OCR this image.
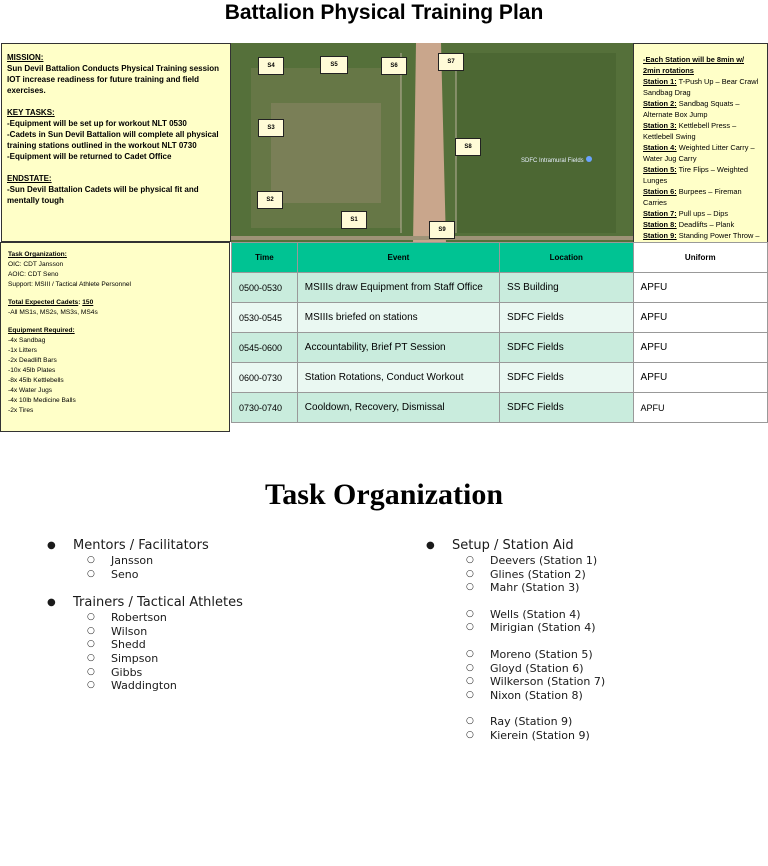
Battalion Physical Training Plan
MISSION:
Sun Devil Battalion Conducts Physical Training session IOT increase readiness for future training and field exercises.
KEY TASKS:
-Equipment will be set up for workout NLT 0530
-Cadets in Sun Devil Battalion will complete all physical training stations outlined in the workout NLT 0730
-Equipment will be returned to Cadet Office
ENDSTATE:
-Sun Devil Battalion Cadets will be physical fit and mentally tough
S4	S5	S6
S7
S3
S8
S2
S1
S9
SDFC Intramural Fields
-Each Station will be 8min w/ 2min rotations
Station 1: T-Push Up – Bear Crawl Sandbag Drag
Station 2: Sandbag Squats – Alternate Box Jump
Station 3: Kettlebell Press – Kettlebell Swing
Station 4: Weighted Litter Carry – Water Jug Carry
Station 5: Tire Flips – Weighted Lunges
Station 6: Burpees – Fireman Carries
Station 7: Pull ups – Dips
Station 8: Deadlifts – Plank
Station 9: Standing Power Throw –
Task Organization:
OIC: CDT Jansson
AOIC: CDT Seno
Support: MSIII / Tactical Athlete Personnel
Total Expected Cadets: 150
-All MS1s, MS2s, MS3s, MS4s
Equipment Required:
-4x Sandbag
-1x Litters
-2x Deadlift Bars
-10x 45lb Plates
-8x 45lb Kettlebells
-4x Water Jugs
-4x 10lb Medicine Balls
-2x Tires
Time	Event	Location	Uniform
0500-0530	MSIIIs draw Equipment from Staff Office	SS Building	APFU
0530-0545	MSIIIs briefed on stations	SDFC Fields	APFU
0545-0600	Accountability, Brief PT Session	SDFC Fields	APFU
0600-0730	Station Rotations, Conduct Workout	SDFC Fields	APFU
0730-0740	Cooldown, Recovery, Dismissal	SDFC Fields	APFU
Task Organization
● Mentors / Facilitators
○ Jansson
○ Seno
● Trainers / Tactical Athletes
○ Robertson
○ Wilson
○ Shedd
○ Simpson
○ Gibbs
○ Waddington
● Setup / Station Aid
○ Deevers (Station 1)
○ Glines (Station 2)
○ Mahr (Station 3)
○ Wells (Station 4)
○ Mirigian (Station 4)
○ Moreno (Station 5)
○ Gloyd (Station 6)
○ Wilkerson (Station 7)
○ Nixon (Station 8)
○ Ray (Station 9)
○ Kierein (Station 9)
